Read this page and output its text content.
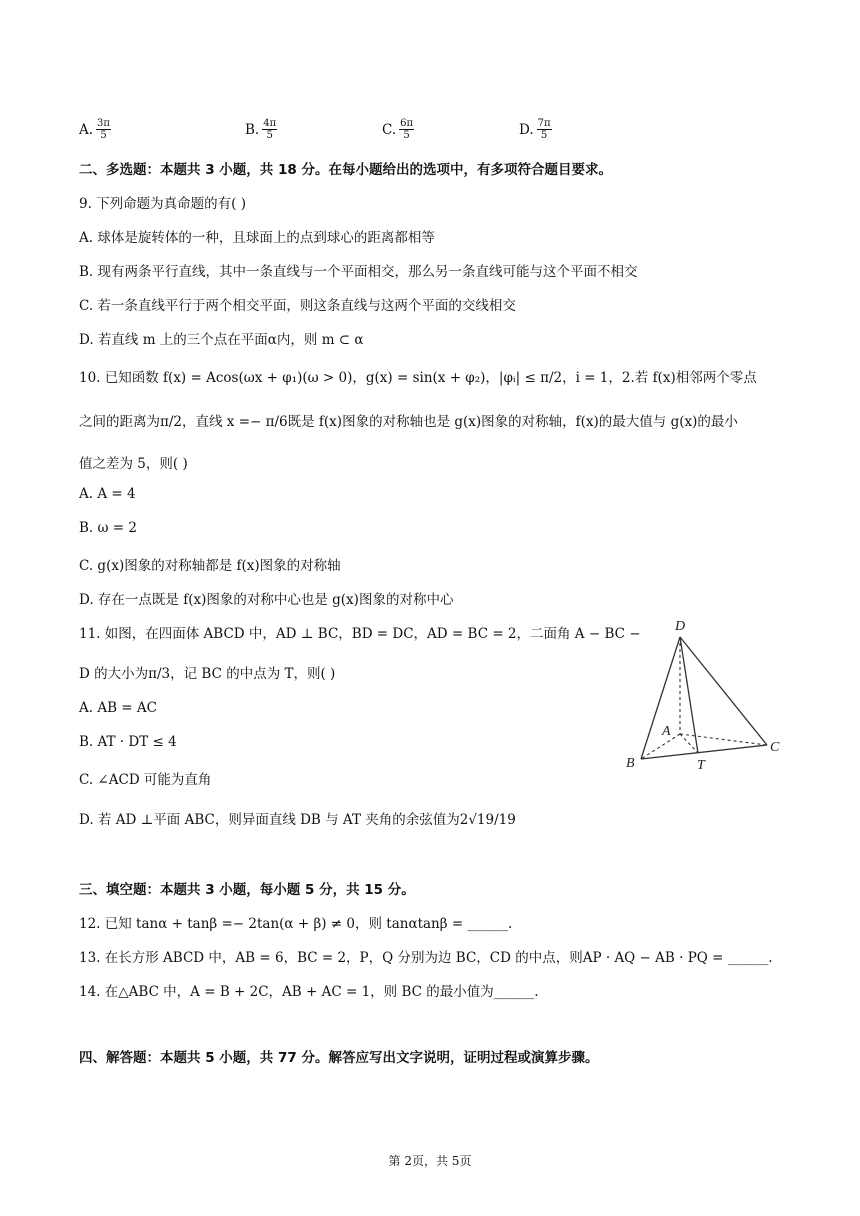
A. $\frac{3\pi}{5}$	B. $\frac{4\pi}{5}$	C. $\frac{6\pi}{5}$	D. $\frac{7\pi}{5}$
二、多选题：本题共 3 小题，共 18 分。在每小题给出的选项中，有多项符合题目要求。
9. 下列命题为真命题的有( )
A. 球体是旋转体的一种，且球面上的点到球心的距离都相等
B. 现有两条平行直线，其中一条直线与一个平面相交，那么另一条直线可能与这个平面不相交
C. 若一条直线平行于两个相交平面，则这条直线与这两个平面的交线相交
D. 若直线 m 上的三个点在平面α内，则 m ⊂ α
10. 已知函数 f(x) = Acos(ωx + φ₁)(ω > 0)，g(x) = sin(x + φ₂)，|φᵢ| ≤ π/2，i = 1，2.若 f(x)相邻两个零点
之间的距离为π/2，直线 x =− π/6既是 f(x)图象的对称轴也是 g(x)图象的对称轴，f(x)的最大值与 g(x)的最小
值之差为 5，则( )
A. A = 4
B. ω = 2
C. g(x)图象的对称轴都是 f(x)图象的对称轴
D. 存在一点既是 f(x)图象的对称中心也是 g(x)图象的对称中心
11. 如图，在四面体 ABCD 中，AD ⊥ BC，BD = DC，AD = BC = 2，二面角 A − BC −
D 的大小为π/3，记 BC 的中点为 T，则( )
A. AB = AC
B. AT · DT ≤ 4
C. ∠ACD 可能为直角
D. 若 AD ⊥平面 ABC，则异面直线 DB 与 AT 夹角的余弦值为2√19/19
D
A
B	T
C
三、填空题：本题共 3 小题，每小题 5 分，共 15 分。
12. 已知 tanα + tanβ =− 2tan(α + β) ≠ 0，则 tanαtanβ = ______.
13. 在长方形 ABCD 中，AB = 6，BC = 2，P，Q 分别为边 BC，CD 的中点，则AP · AQ − AB · PQ = ______.
14. 在△ABC 中，A = B + 2C，AB + AC = 1，则 BC 的最小值为______.
四、解答题：本题共 5 小题，共 77 分。解答应写出文字说明，证明过程或演算步骤。
第 2页，共 5页
